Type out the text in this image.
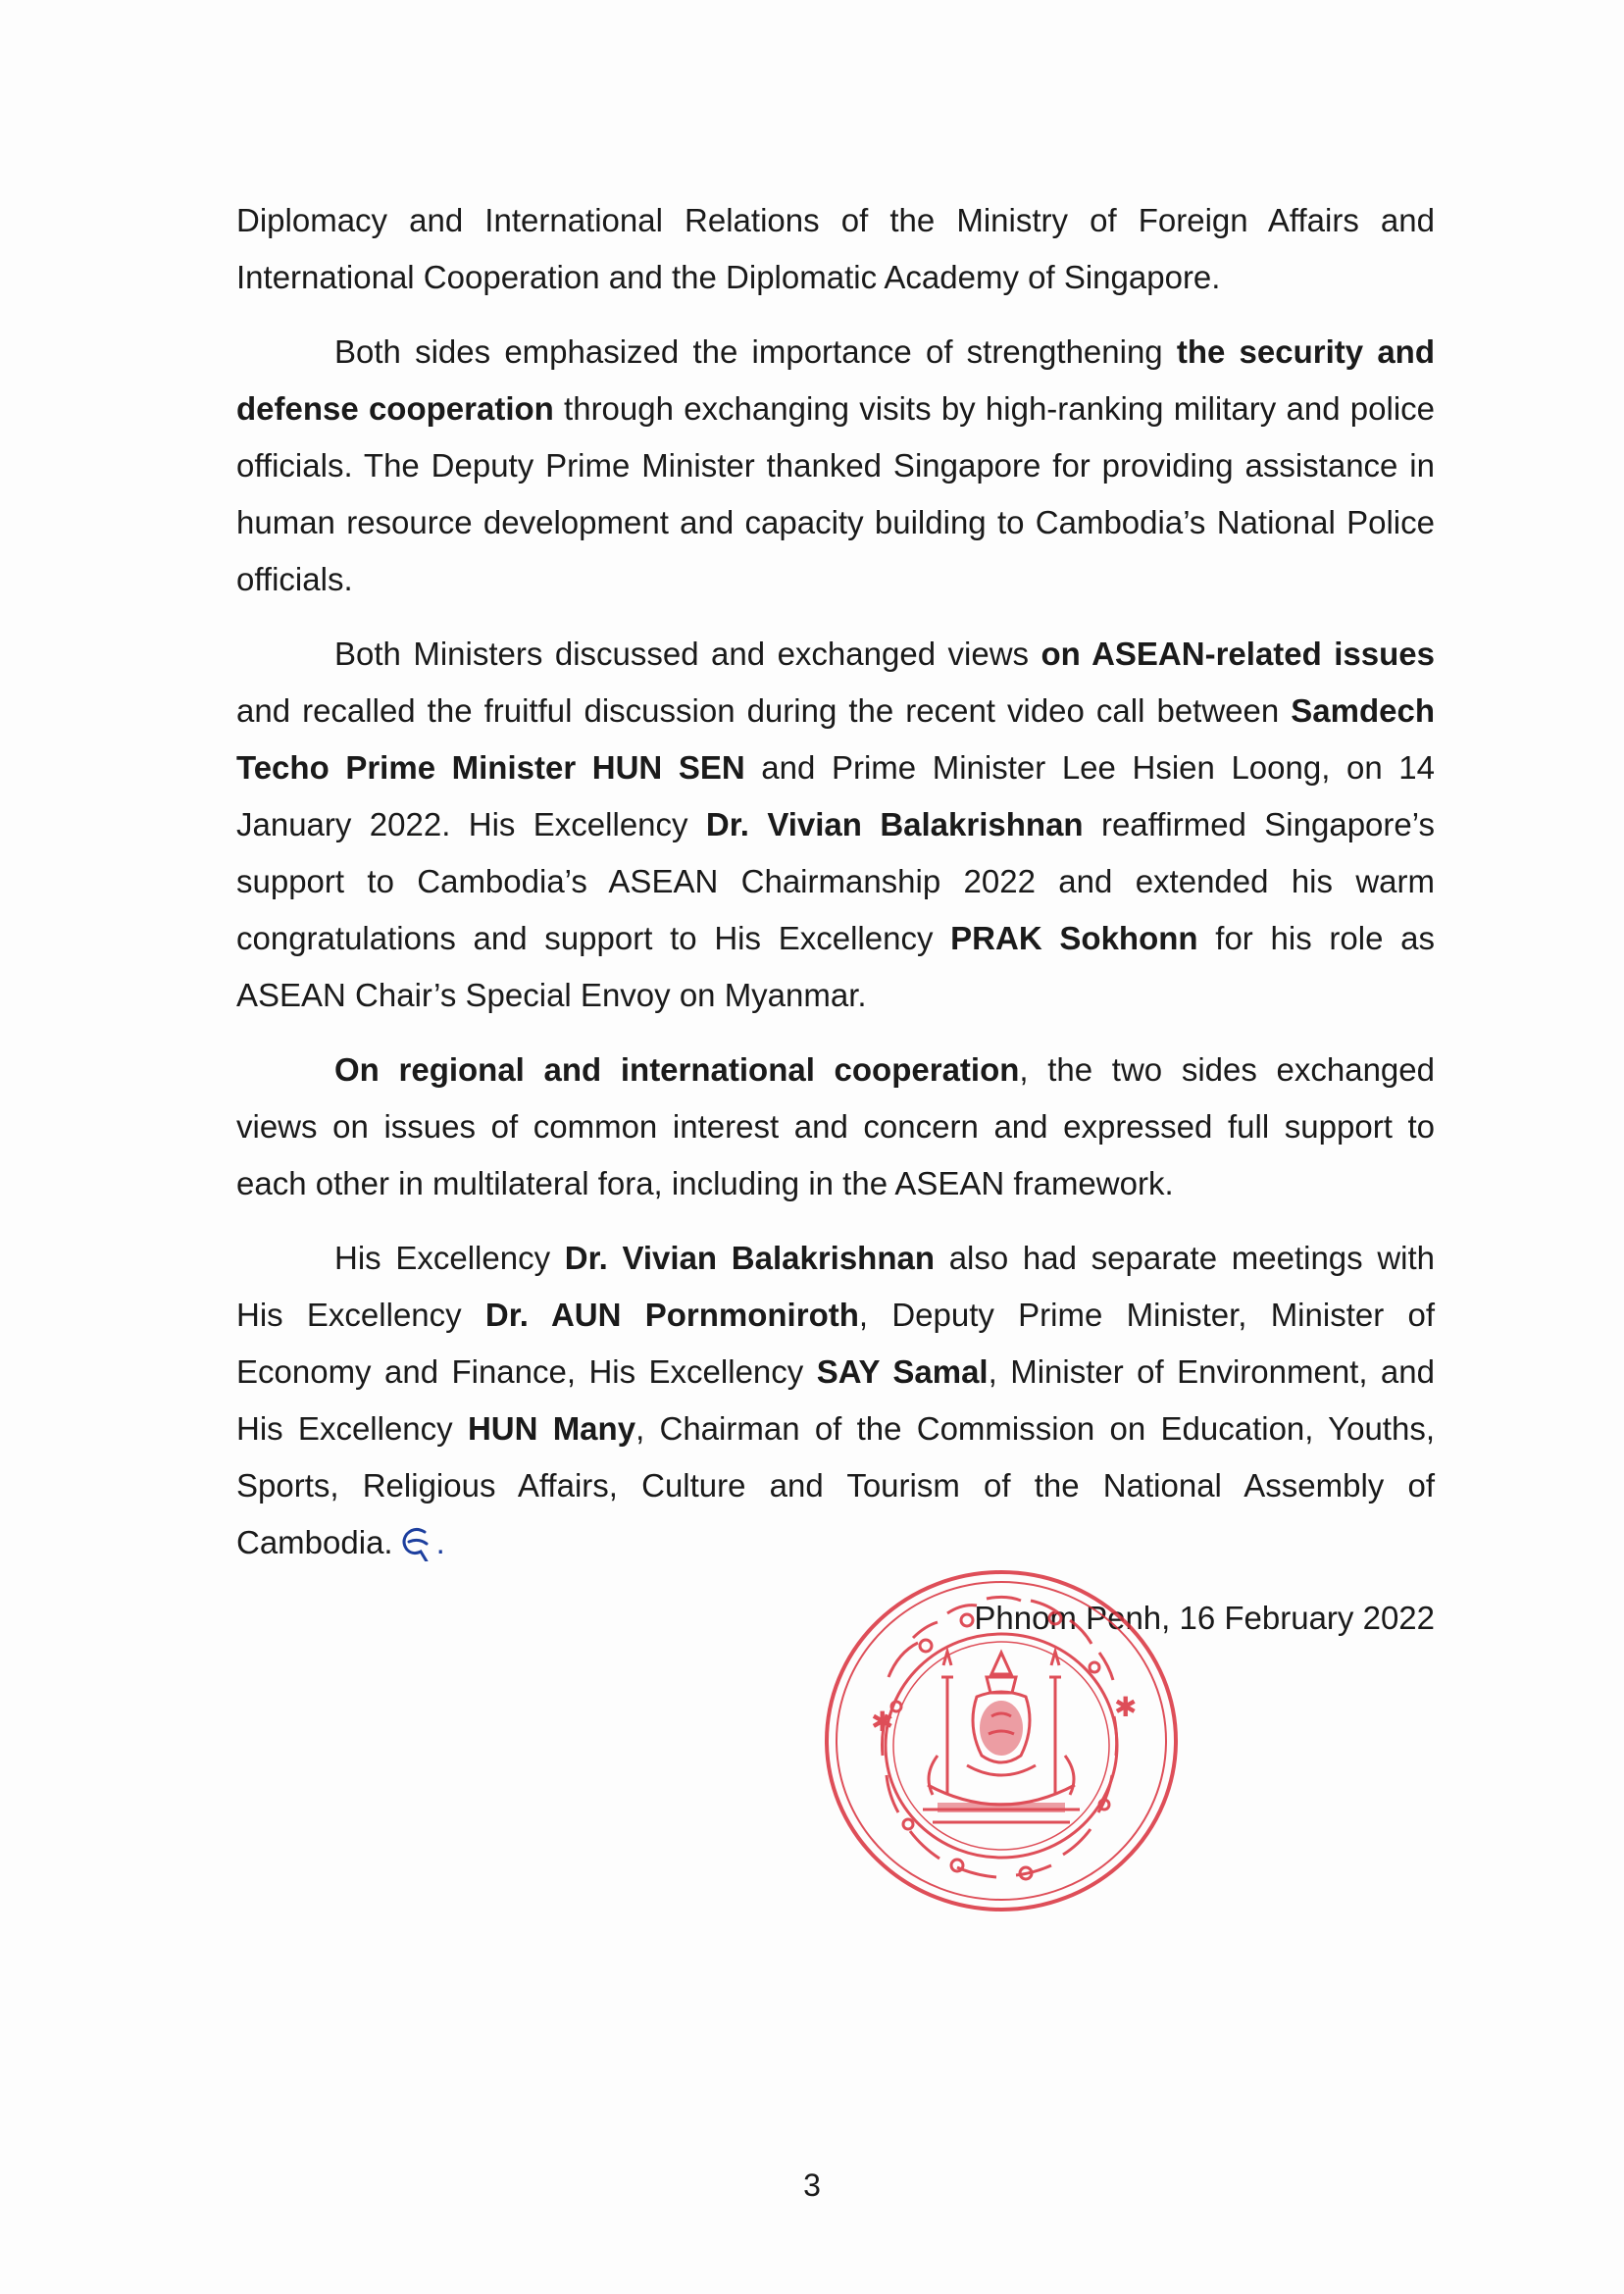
Diplomacy and International Relations of the Ministry of Foreign Affairs and International Cooperation and the Diplomatic Academy of Singapore.

Both sides emphasized the importance of strengthening the security and defense cooperation through exchanging visits by high-ranking military and police officials. The Deputy Prime Minister thanked Singapore for providing assistance in human resource development and capacity building to Cambodia’s National Police officials.

Both Ministers discussed and exchanged views on ASEAN-related issues and recalled the fruitful discussion during the recent video call between Samdech Techo Prime Minister HUN SEN and Prime Minister Lee Hsien Loong, on 14 January 2022. His Excellency Dr. Vivian Balakrishnan reaffirmed Singapore’s support to Cambodia’s ASEAN Chairmanship 2022 and extended his warm congratulations and support to His Excellency PRAK Sokhonn for his role as ASEAN Chair’s Special Envoy on Myanmar.

On regional and international cooperation, the two sides exchanged views on issues of common interest and concern and expressed full support to each other in multilateral fora, including in the ASEAN framework.

His Excellency Dr. Vivian Balakrishnan also had separate meetings with His Excellency Dr. AUN Pornmoniroth, Deputy Prime Minister, Minister of Economy and Finance, His Excellency SAY Samal, Minister of Environment, and His Excellency HUN Many, Chairman of the Commission on Education, Youths, Sports, Religious Affairs, Culture and Tourism of the National Assembly of Cambodia. .

Phnom Penh, 16 February 2022
✱	✱
3
